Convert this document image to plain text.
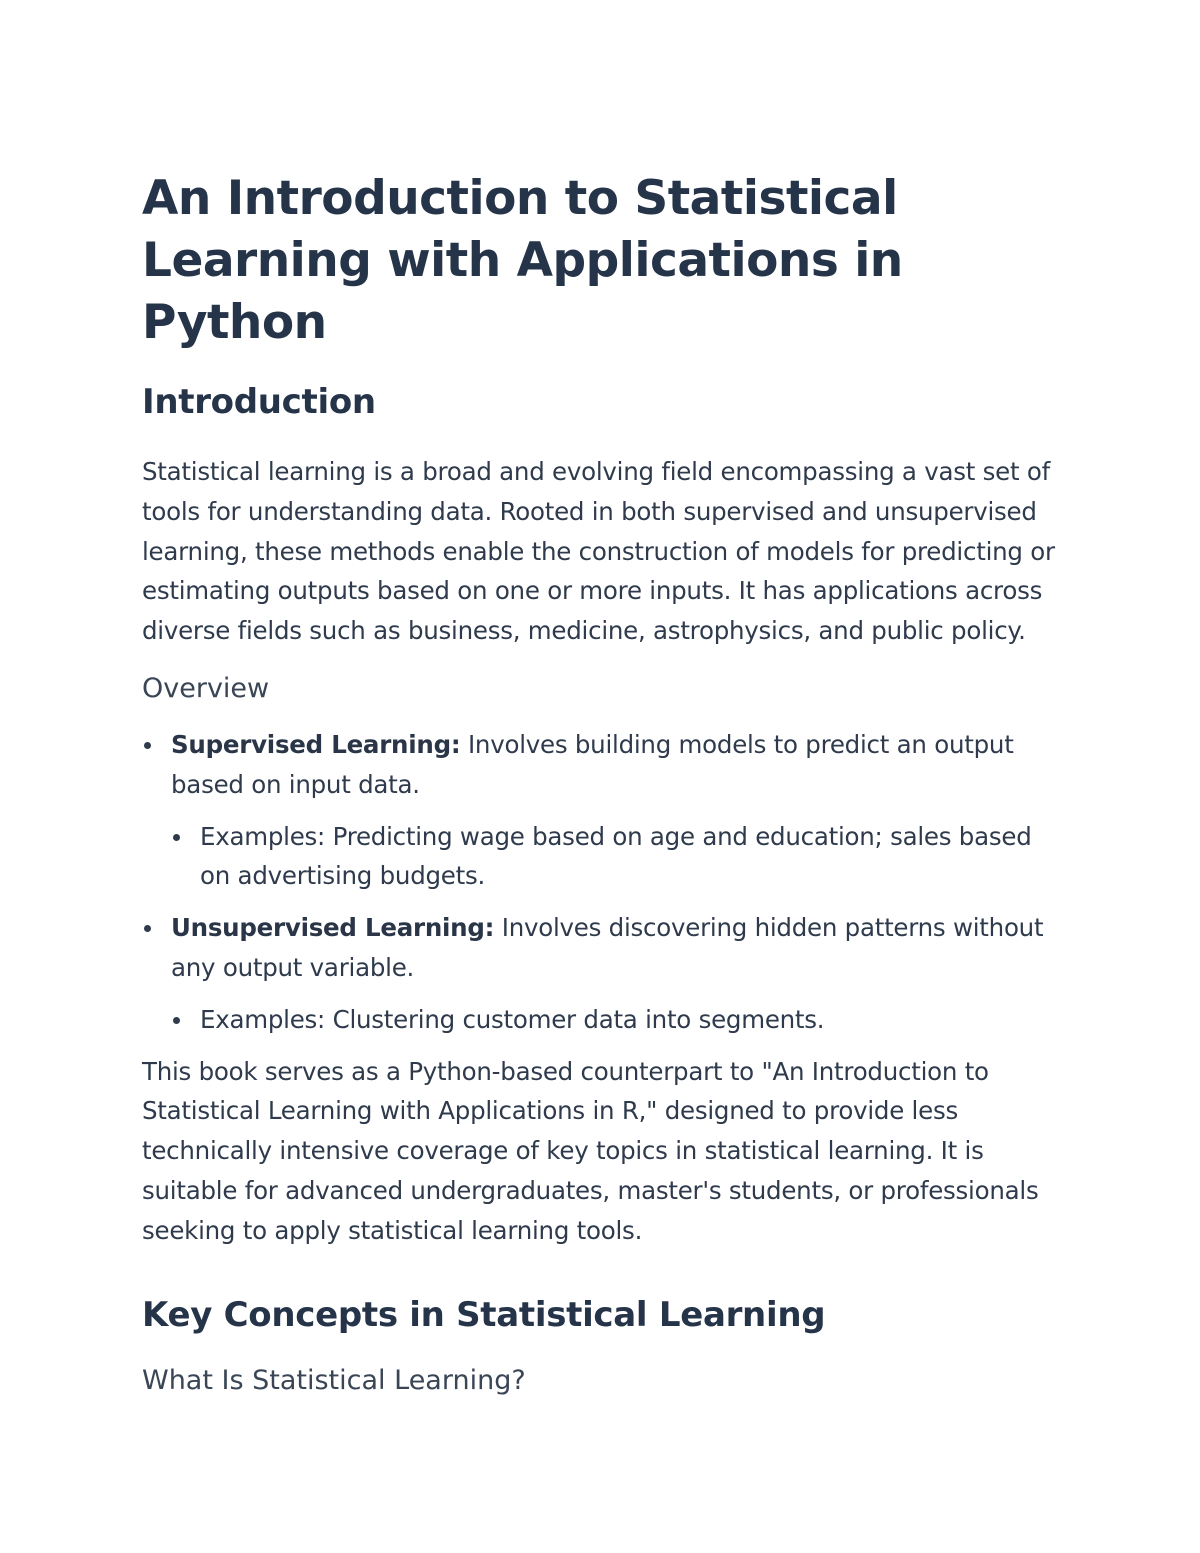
An Introduction to Statistical Learning with Applications in Python
Introduction

Statistical learning is a broad and evolving field encompassing a vast set of tools for understanding data. Rooted in both supervised and unsupervised learning, these methods enable the construction of models for predicting or estimating outputs based on one or more inputs. It has applications across diverse fields such as business, medicine, astrophysics, and public policy.

Overview
Supervised Learning: Involves building models to predict an output based on input data.
Examples: Predicting wage based on age and education; sales based on advertising budgets.
Unsupervised Learning: Involves discovering hidden patterns without any output variable.
Examples: Clustering customer data into segments.

This book serves as a Python-based counterpart to "An Introduction to Statistical Learning with Applications in R," designed to provide less technically intensive coverage of key topics in statistical learning. It is suitable for advanced undergraduates, master's students, or professionals seeking to apply statistical learning tools.

Key Concepts in Statistical Learning
What Is Statistical Learning?
